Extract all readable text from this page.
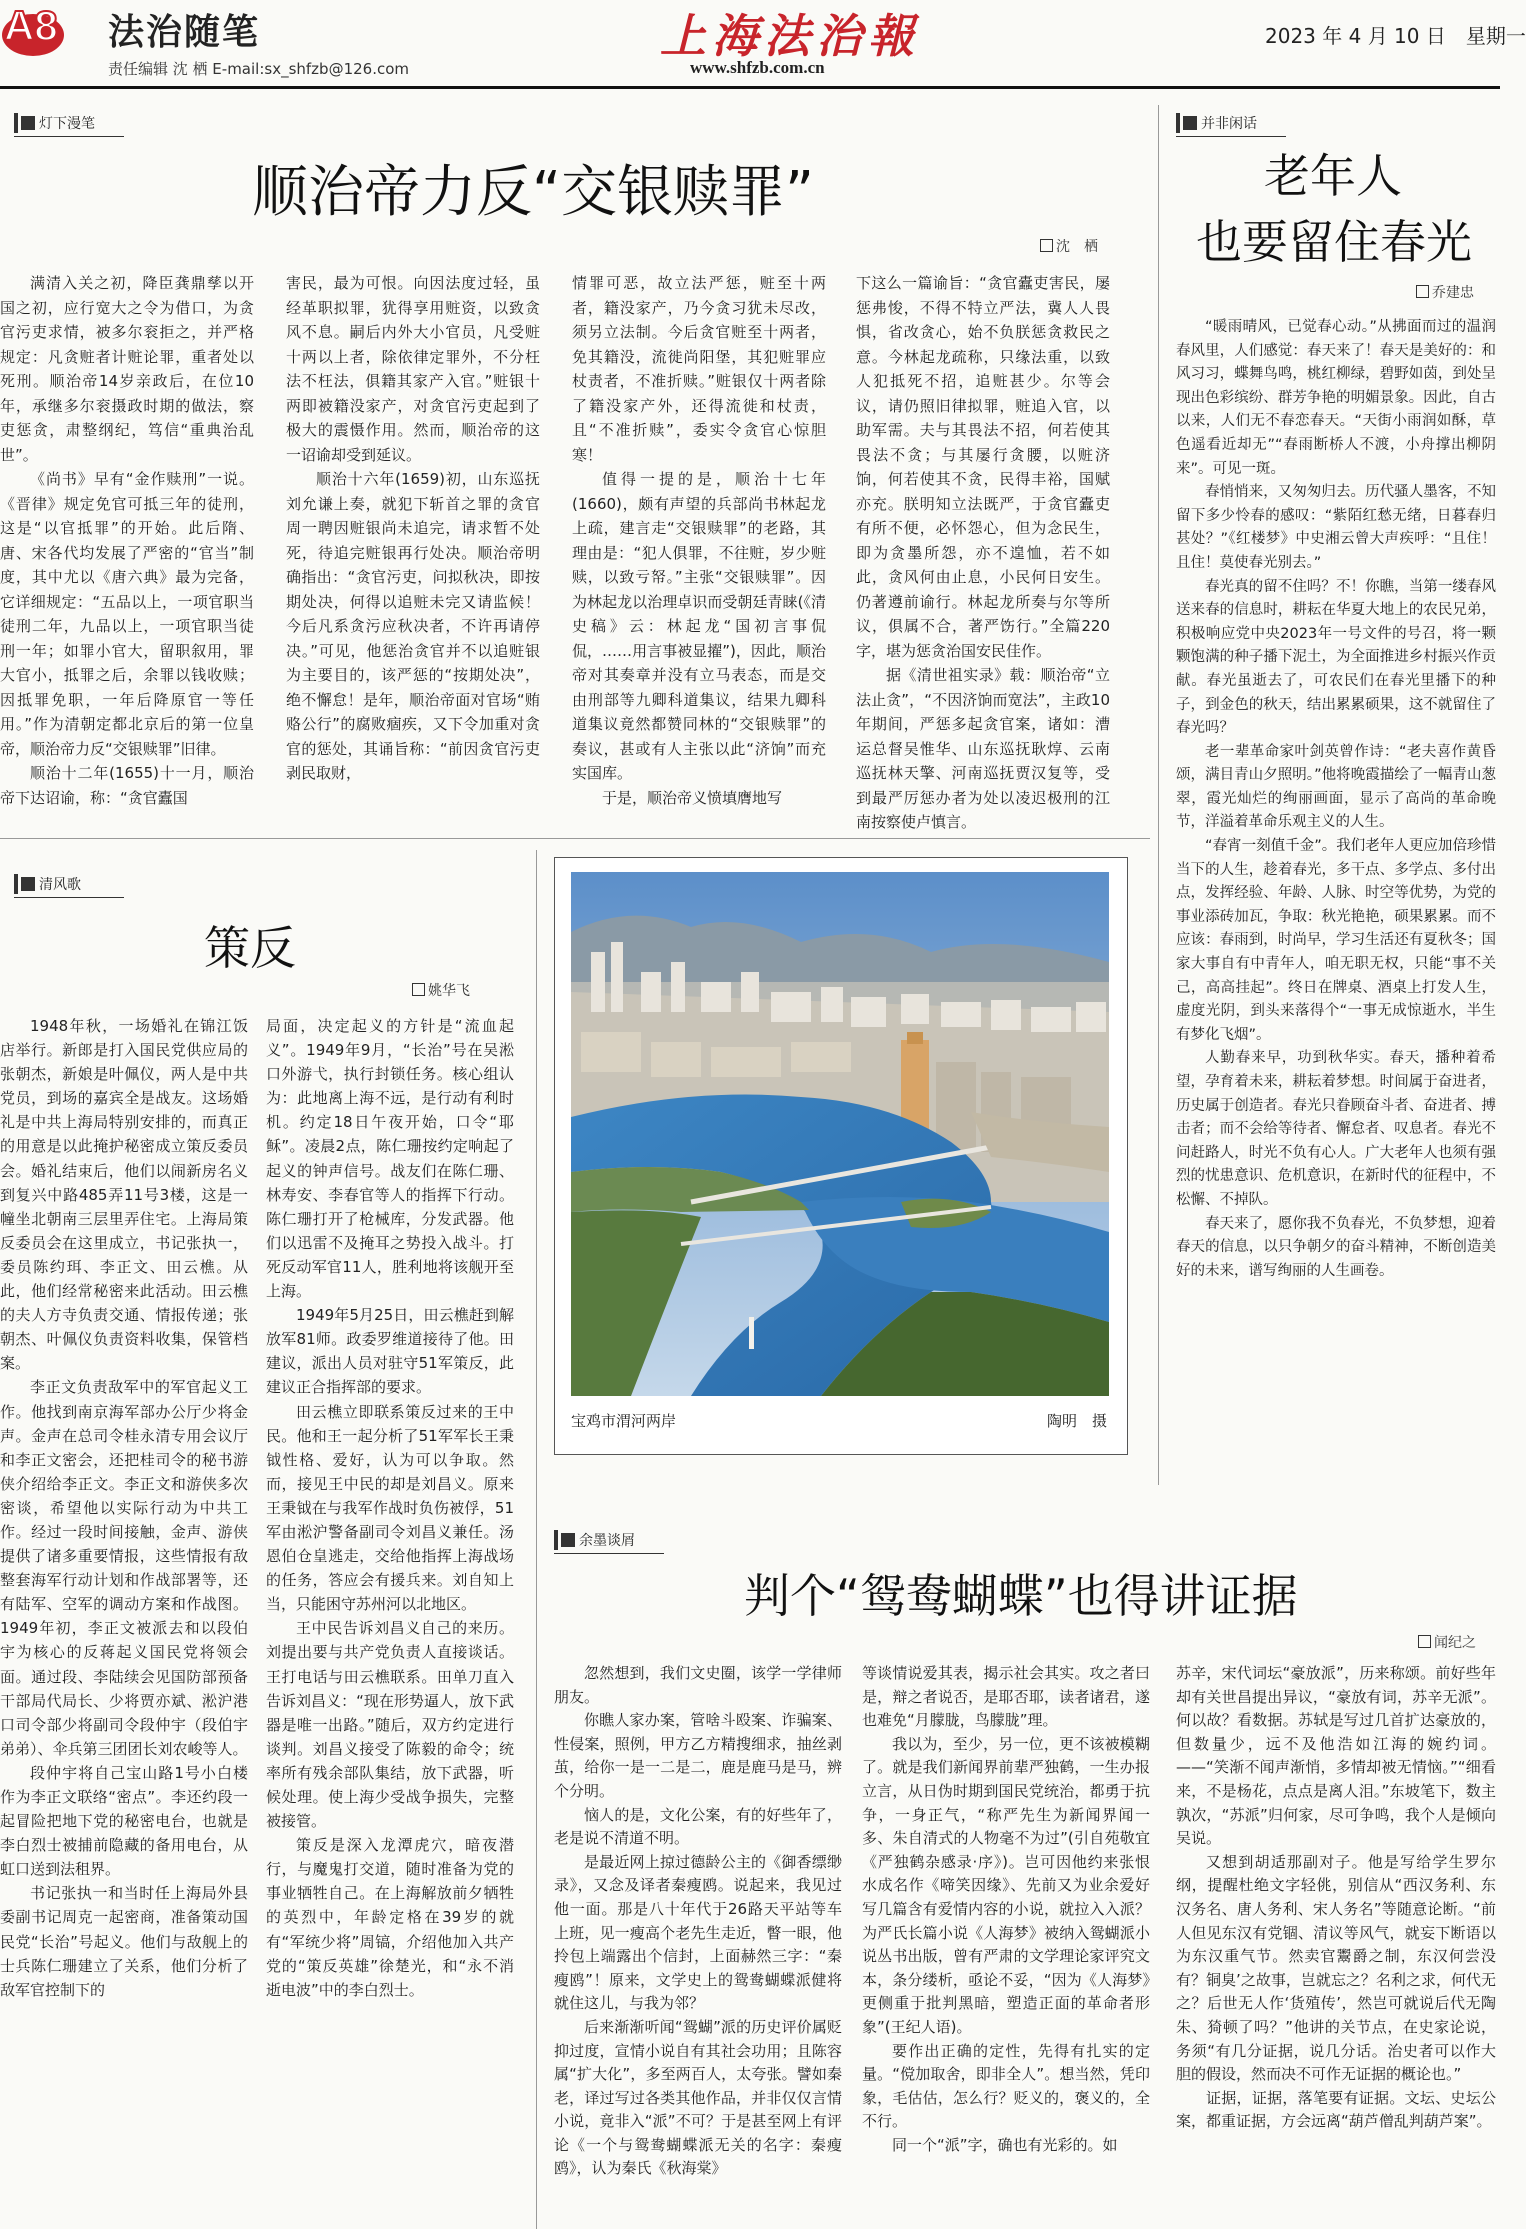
A8 法治随笔
责任编辑 沈 栖 E-mail:sx_shfzb@126.com
上海法治報
www.shfzb.com.cn
2023 年 4 月 10 日　星期一
灯下漫笔
顺治帝力反“交银赎罪”
沈　栖

满清入关之初，降臣龚鼎孳以开国之初，应行宽大之令为借口，为贪官污吏求情，被多尔衮拒之，并严格规定：凡贪赃者计赃论罪，重者处以死刑。顺治帝14岁亲政后，在位10年，承继多尔衮摄政时期的做法，察吏惩贪，肃整纲纪，笃信“重典治乱世”。

《尚书》早有“金作赎刑”一说。《晋律》规定免官可抵三年的徒刑，这是“以官抵罪”的开始。此后隋、唐、宋各代均发展了严密的“官当”制度，其中尤以《唐六典》最为完备，它详细规定：“五品以上，一项官职当徒刑二年，九品以上，一项官职当徒刑一年；如罪小官大，留职叙用，罪大官小，抵罪之后，余罪以钱收赎；因抵罪免职，一年后降原官一等任用。”作为清朝定都北京后的第一位皇帝，顺治帝力反“交银赎罪”旧律。

顺治十二年(1655)十一月，顺治帝下达诏谕，称：“贪官蠹国

害民，最为可恨。向因法度过轻，虽经革职拟罪，犹得享用赃资，以致贪风不息。嗣后内外大小官员，凡受赃十两以上者，除依律定罪外，不分枉法不枉法，俱籍其家产入官。”赃银十两即被籍没家产，对贪官污吏起到了极大的震慑作用。然而，顺治帝的这一诏谕却受到延议。

顺治十六年(1659)初，山东巡抚刘允谦上奏，就犯下斩首之罪的贪官周一聘因赃银尚未追完，请求暂不处死，待追完赃银再行处决。顺治帝明确指出：“贪官污吏，问拟秋决，即按期处决，何得以追赃未完又请监候！今后凡系贪污应秋决者，不许再请停决。”可见，他惩治贪官并不以追赃银为主要目的，该严惩的“按期处决”，绝不懈怠！是年，顺治帝面对官场“贿赂公行”的腐败痼疾，又下令加重对贪官的惩处，其诵旨称：“前因贪官污吏剥民取财，

情罪可恶，故立法严惩，赃至十两者，籍没家产，乃今贪习犹未尽改，须另立法制。今后贪官赃至十两者，免其籍没，流徙尚阳堡，其犯赃罪应杖责者，不准折赎。”赃银仅十两者除了籍没家产外，还得流徙和杖责，且“不准折赎”，委实令贪官心惊胆寒！

值得一提的是，顺治十七年(1660)，颇有声望的兵部尚书林起龙上疏，建言走“交银赎罪”的老路，其理由是：“犯人俱罪，不往赃，岁少赃赎，以致亏帑。”主张“交银赎罪”。因为林起龙以治理卓识而受朝廷青睐(《清史稿》云：林起龙“国初言事侃侃，……用言事被显擢”)，因此，顺治帝对其奏章并没有立马表态，而是交由刑部等九卿科道集议，结果九卿科道集议竟然都赞同林的“交银赎罪”的奏议，甚或有人主张以此“济饷”而充实国库。

于是，顺治帝义愤填膺地写

下这么一篇谕旨：“贪官蠹吏害民，屡惩弗悛，不得不特立严法，冀人人畏惧，省改贪心，始不负朕惩贪救民之意。今林起龙疏称，只缘法重，以致人犯抵死不招，追赃甚少。尔等会议，请仍照旧律拟罪，赃追入官，以助军需。夫与其畏法不招，何若使其畏法不贪；与其屡行贪腰，以赃济饷，何若使其不贪，民得丰裕，国赋亦充。朕明知立法既严，于贪官蠹吏有所不便，必怀怨心，但为念民生，即为贪墨所怨，亦不遑恤，若不如此，贪风何由止息，小民何日安生。仍著遵前谕行。林起龙所奏与尔等所议，俱属不合，著严饬行。”全篇220字，堪为惩贪治国安民佳作。

据《清世祖实录》载：顺治帝“立法止贪”，“不因济饷而宽法”，主政10年期间，严惩多起贪官案，诸如：漕运总督吴惟华、山东巡抚耿焞、云南巡抚林天擎、河南巡抚贾汉复等，受到最严厉惩办者为处以凌迟极刑的江南按察使卢慎言。

并非闲话
老年人
也要留住春光
乔建忠

“暖雨晴风，已觉春心动。”从拂面而过的温润春风里，人们感觉：春天来了！春天是美好的：和风习习，蝶舞鸟鸣，桃红柳绿，碧野如茵，到处呈现出色彩缤纷、群芳争艳的明媚景象。因此，自古以来，人们无不春恋春天。“天街小雨润如酥，草色遥看近却无”“春雨断桥人不渡，小舟撑出柳阴来”。可见一斑。

春悄悄来，又匆匆归去。历代骚人墨客，不知留下多少怜春的感叹：“紫陌红愁无绪，日暮春归甚处？”《红楼梦》中史湘云曾大声疾呼：“且住！且住！莫使春光别去。”

春光真的留不住吗？不！你瞧，当第一缕春风送来春的信息时，耕耘在华夏大地上的农民兄弟，积极响应党中央2023年一号文件的号召，将一颗颗饱满的种子播下泥土，为全面推进乡村振兴作贡献。春光虽逝去了，可农民们在春光里播下的种子，到金色的秋天，结出累累硕果，这不就留住了春光吗？

老一辈革命家叶剑英曾作诗：“老夫喜作黄昏颂，满目青山夕照明。”他将晚霞描绘了一幅青山葱翠，霞光灿烂的绚丽画面，显示了高尚的革命晚节，洋溢着革命乐观主义的人生。

“春宵一刻值千金”。我们老年人更应加倍珍惜当下的人生，趁着春光，多干点、多学点、多付出点，发挥经验、年龄、人脉、时空等优势，为党的事业添砖加瓦，争取：秋光艳艳，硕果累累。而不应该：春雨到，时尚早，学习生活还有夏秋冬；国家大事自有中青年人，咱无职无权，只能“事不关己，高高挂起”。终日在牌桌、酒桌上打发人生，虚度光阴，到头来落得个“一事无成惊逝水，半生有梦化飞烟”。

人勤春来早，功到秋华实。春天，播种着希望，孕育着未来，耕耘着梦想。时间属于奋进者，历史属于创造者。春光只眷顾奋斗者、奋进者、搏击者；而不会给等待者、懈怠者、叹息者。春光不问赶路人，时光不负有心人。广大老年人也须有强烈的忧患意识、危机意识，在新时代的征程中，不松懈、不掉队。

春天来了，愿你我不负春光，不负梦想，迎着春天的信息，以只争朝夕的奋斗精神，不断创造美好的未来，谱写绚丽的人生画卷。

清风歌
策反
姚华飞

1948年秋，一场婚礼在锦江饭店举行。新郎是打入国民党供应局的张朝杰，新娘是叶佩仪，两人是中共党员，到场的嘉宾全是战友。这场婚礼是中共上海局特别安排的，而真正的用意是以此掩护秘密成立策反委员会。婚礼结束后，他们以闹新房名义到复兴中路485弄11号3楼，这是一幢坐北朝南三层里弄住宅。上海局策反委员会在这里成立，书记张执一，委员陈约珥、李正文、田云樵。从此，他们经常秘密来此活动。田云樵的夫人方寺负责交通、情报传递；张朝杰、叶佩仪负责资料收集，保管档案。

李正文负责敌军中的军官起义工作。他找到南京海军部办公厅少将金声。金声在总司令桂永清专用会议厅和李正文密会，还把桂司令的秘书游侠介绍给李正文。李正文和游侠多次密谈，希望他以实际行动为中共工作。经过一段时间接触，金声、游侠提供了诸多重要情报，这些情报有敌整套海军行动计划和作战部署等，还有陆军、空军的调动方案和作战图。1949年初，李正文被派去和以段伯宇为核心的反蒋起义国民党将领会面。通过段、李陆续会见国防部预备干部局代局长、少将贾亦斌、淞沪港口司令部少将副司令段仲宇（段伯宇弟弟）、伞兵第三团团长刘农峻等人。

段仲宇将自己宝山路1号小白楼作为李正文联络“密点”。李还约段一起冒险把地下党的秘密电台，也就是李白烈士被捕前隐藏的备用电台，从虹口送到法租界。

书记张执一和当时任上海局外县委副书记周克一起密商，准备策动国民党“长治”号起义。他们与敌舰上的士兵陈仁珊建立了关系，他们分析了敌军官控制下的

局面，决定起义的方针是“流血起义”。1949年9月，“长治”号在吴淞口外游弋，执行封锁任务。核心组认为：此地离上海不远，是行动有利时机。约定18日午夜开始，口令“耶稣”。凌晨2点，陈仁珊按约定响起了起义的钟声信号。战友们在陈仁珊、林寿安、李春官等人的指挥下行动。陈仁珊打开了枪械库，分发武器。他们以迅雷不及掩耳之势投入战斗。打死反动军官11人，胜利地将该舰开至上海。

1949年5月25日，田云樵赶到解放军81师。政委罗维道接待了他。田建议，派出人员对驻守51军策反，此建议正合指挥部的要求。

田云樵立即联系策反过来的王中民。他和王一起分析了51军军长王秉钺性格、爱好，认为可以争取。然而，接见王中民的却是刘昌义。原来王秉钺在与我军作战时负伤被俘，51军由淞沪警备副司令刘昌义兼任。汤恩伯仓皇逃走，交给他指挥上海战场的任务，答应会有援兵来。刘自知上当，只能困守苏州河以北地区。

王中民告诉刘昌义自己的来历。刘提出要与共产党负责人直接谈话。王打电话与田云樵联系。田单刀直入告诉刘昌义：“现在形势逼人，放下武器是唯一出路。”随后，双方约定进行谈判。刘昌义接受了陈毅的命令；统率所有残余部队集结，放下武器，听候处理。使上海少受战争损失，完整被接管。

策反是深入龙潭虎穴，暗夜潜行，与魔鬼打交道，随时准备为党的事业牺牲自己。在上海解放前夕牺牲的英烈中，年龄定格在39岁的就有“军统少将”周镐，介绍他加入共产党的“策反英雄”徐楚光，和“永不消逝电波”中的李白烈士。

宝鸡市渭河两岸	陶明　摄
余墨谈屑
判个“鸳鸯蝴蝶”也得讲证据
闻纪之

忽然想到，我们文史圈，该学一学律师朋友。

你瞧人家办案，管啥斗殴案、诈骗案、性侵案，照例，甲方乙方精搜细求，抽丝剥茧，给你一是一二是二，鹿是鹿马是马，辨个分明。

恼人的是，文化公案，有的好些年了，老是说不清道不明。

是最近网上掠过德龄公主的《御香缥缈录》，又念及译者秦瘦鸥。说起来，我见过他一面。那是八十年代于26路天平站等车上班，见一瘦高个老先生走近，瞥一眼，他拎包上端露出个信封，上面赫然三字：“秦瘦鸥”！原来，文学史上的鸳鸯蝴蝶派健将就住这儿，与我为邻？

后来渐渐听闻“鸳蝴”派的历史评价属贬抑过度，宣情小说自有其社会功用；且陈容属“扩大化”，多至两百人，太夸张。譬如秦老，译过写过各类其他作品，并非仅仅言情小说，竟非入“派”不可？于是甚至网上有评论《一个与鸳鸯蝴蝶派无关的名字：秦瘦鸥》，认为秦氏《秋海棠》

等谈情说爱其表，揭示社会其实。攻之者曰是，辩之者说否，是耶否耶，读者诸君，遂也难免“月朦胧，鸟朦胧”理。

我以为，至少，另一位，更不该被模糊了。就是我们新闻界前辈严独鹤，一生办报立言，从日伪时期到国民党统治，都勇于抗争，一身正气，“称严先生为新闻界闻一多、朱自清式的人物毫不为过”(引自苑敬宜《严独鹤杂感录·序》)。岂可因他约来张恨水成名作《啼笑因缘》、先前又为业余爱好写几篇含有爱情内容的小说，就拉入入派？为严氏长篇小说《人海梦》被纳入鸳蝴派小说丛书出版，曾有严肃的文学理论家评究文本，条分缕析，亟论不妥，“因为《人海梦》更侧重于批判黑暗，塑造正面的革命者形象”(王纪人语)。

要作出正确的定性，先得有扎实的定量。“傥加取舍，即非全人”。想当然，凭印象，毛估估，怎么行？贬义的，褒义的，全不行。

同一个“派”字，确也有光彩的。如

苏辛，宋代词坛“豪放派”，历来称颂。前好些年却有关世昌提出异议，“豪放有词，苏辛无派”。何以故？看数据。苏轼是写过几首扩达豪放的，但数量少，远不及他浩如江海的婉约词。——“笑渐不闻声渐悄，多情却被无情恼。”“细看来，不是杨花，点点是离人泪。”东坡笔下，数主孰次，“苏派”归何家，尽可争鸣，我个人是倾向吴说。

又想到胡适那副对子。他是写给学生罗尔纲，提醒杜绝文字轻佻，别信从“西汉务利、东汉务名、唐人务利、宋人务名”等随意论断。“前人但见东汉有党锢、清议等风气，就妄下断语以为东汉重气节。然卖官鬻爵之制，东汉何尝没有？铜臭’之故事，岂就忘之？名利之求，何代无之？后世无人作‘货殖传’，然岂可就说后代无陶朱、猗顿了吗？”他讲的关节点，在史家论说，务须“有几分证据，说几分话。治史者可以作大胆的假设，然而决不可作无证据的概论也。”

证据，证据，落笔要有证据。文坛、史坛公案，都重证据，方会远离“葫芦僧乱判葫芦案”。
